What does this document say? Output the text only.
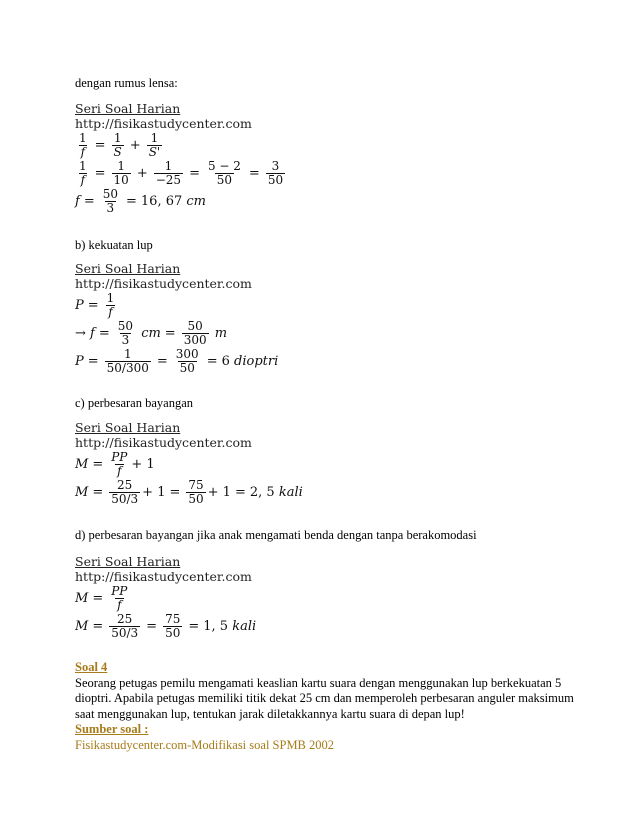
dengan rumus lensa:
Seri Soal Harian
http://fisikastudycenter.com
$\frac{1}{f} = \frac{1}{S} + \frac{1}{S'}$
$\frac{1}{f} = \frac{1}{10} + \frac{1}{-25} = \frac{5 - 2}{50} = \frac{3}{50}$
$f = \frac{50}{3} = 16$, 67
cm
b) kekuatan lup
Seri Soal Harian
http://fisikastudycenter.com
$P = \frac{1}{f}$
→
$f = \frac{50}{3}$
cm = $\frac{50}{300}$
m
$P = \frac{1}{50/300} = \frac{300}{50} = 6$
dioptri
c) perbesaran bayangan
Seri Soal Harian
http://fisikastudycenter.com
$M = \frac{PP}{f} + 1$
$M = \frac{25}{50/3} + 1 = \frac{75}{50} + 1 = 2$, 5
kali
d) perbesaran bayangan jika anak mengamati benda dengan tanpa berakomodasi
Seri Soal Harian
http://fisikastudycenter.com
$M = \frac{PP}{f}$
$M = \frac{25}{50/3} = \frac{75}{50} = 1$, 5
kali
Soal 4
Seorang petugas pemilu mengamati keaslian kartu suara dengan menggunakan lup berkekuatan 5 dioptri. Apabila petugas memiliki titik dekat 25 cm dan memperoleh perbesaran anguler maksimum saat menggunakan lup, tentukan jarak diletakkannya kartu suara di depan lup!
Sumber soal :
Fisikastudycenter.com-Modifikasi soal SPMB 2002
